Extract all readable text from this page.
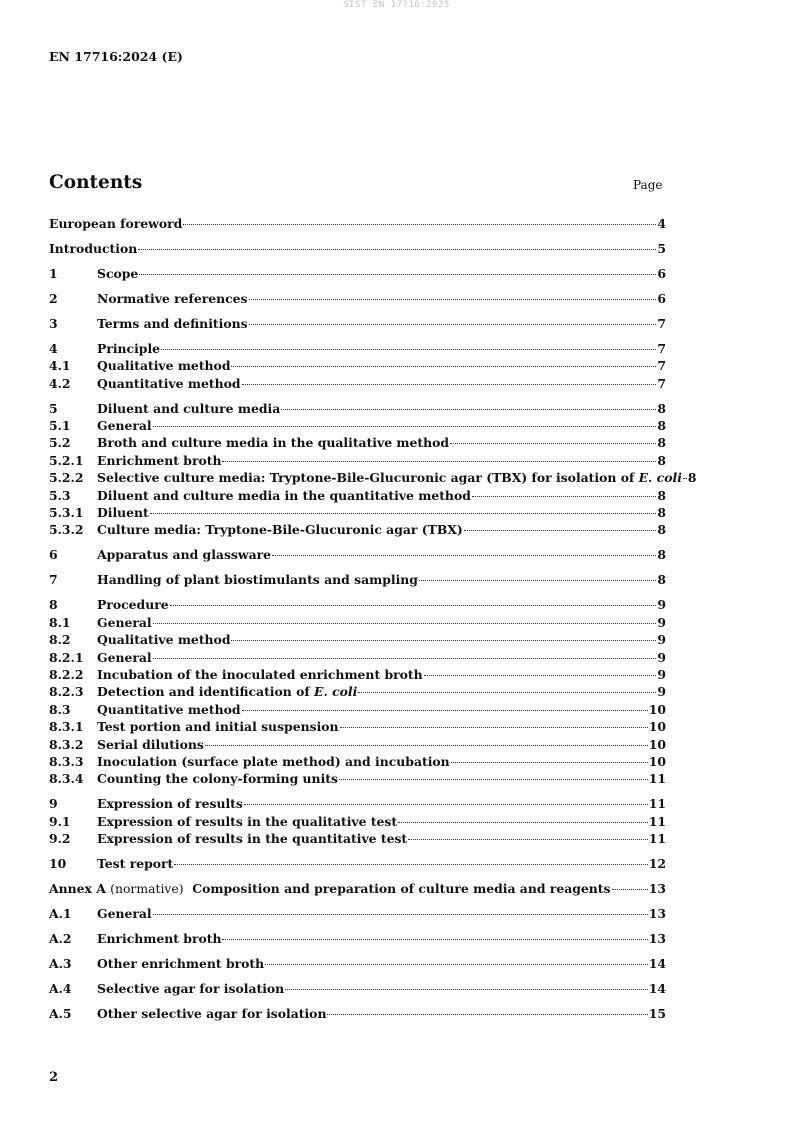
SIST EN 17716:2025
EN 17716:2024 (E)
Contents	Page
European foreword	4
Introduction	5
1	Scope	6
2	Normative references	6
3	Terms and definitions	7
4	Principle	7
4.1	Qualitative method	7
4.2	Quantitative method	7
5	Diluent and culture media	8
5.1	General	8
5.2	Broth and culture media in the qualitative method	8
5.2.1	Enrichment broth	8
5.2.2	Selective culture media: Tryptone-Bile-Glucuronic agar (TBX) for isolation of E. coli 8
5.3	Diluent and culture media in the quantitative method	8
5.3.1	Diluent	8
5.3.2	Culture media: Tryptone-Bile-Glucuronic agar (TBX)	8
6	Apparatus and glassware	8
7	Handling of plant biostimulants and sampling	8
8	Procedure	9
8.1	General	9
8.2	Qualitative method	9
8.2.1	General	9
8.2.2	Incubation of the inoculated enrichment broth	9
8.2.3	Detection and identification of E. coli	9
8.3	Quantitative method	10
8.3.1	Test portion and initial suspension	10
8.3.2	Serial dilutions	10
8.3.3	Inoculation (surface plate method) and incubation	10
8.3.4	Counting the colony-forming units	11
9	Expression of results	11
9.1	Expression of results in the qualitative test	11
9.2	Expression of results in the quantitative test	11
10	Test report	12
Annex A (normative)  Composition and preparation of culture media and reagents	13
A.1	General	13
A.2	Enrichment broth	13
A.3	Other enrichment broth	14
A.4	Selective agar for isolation	14
A.5	Other selective agar for isolation	15
2
